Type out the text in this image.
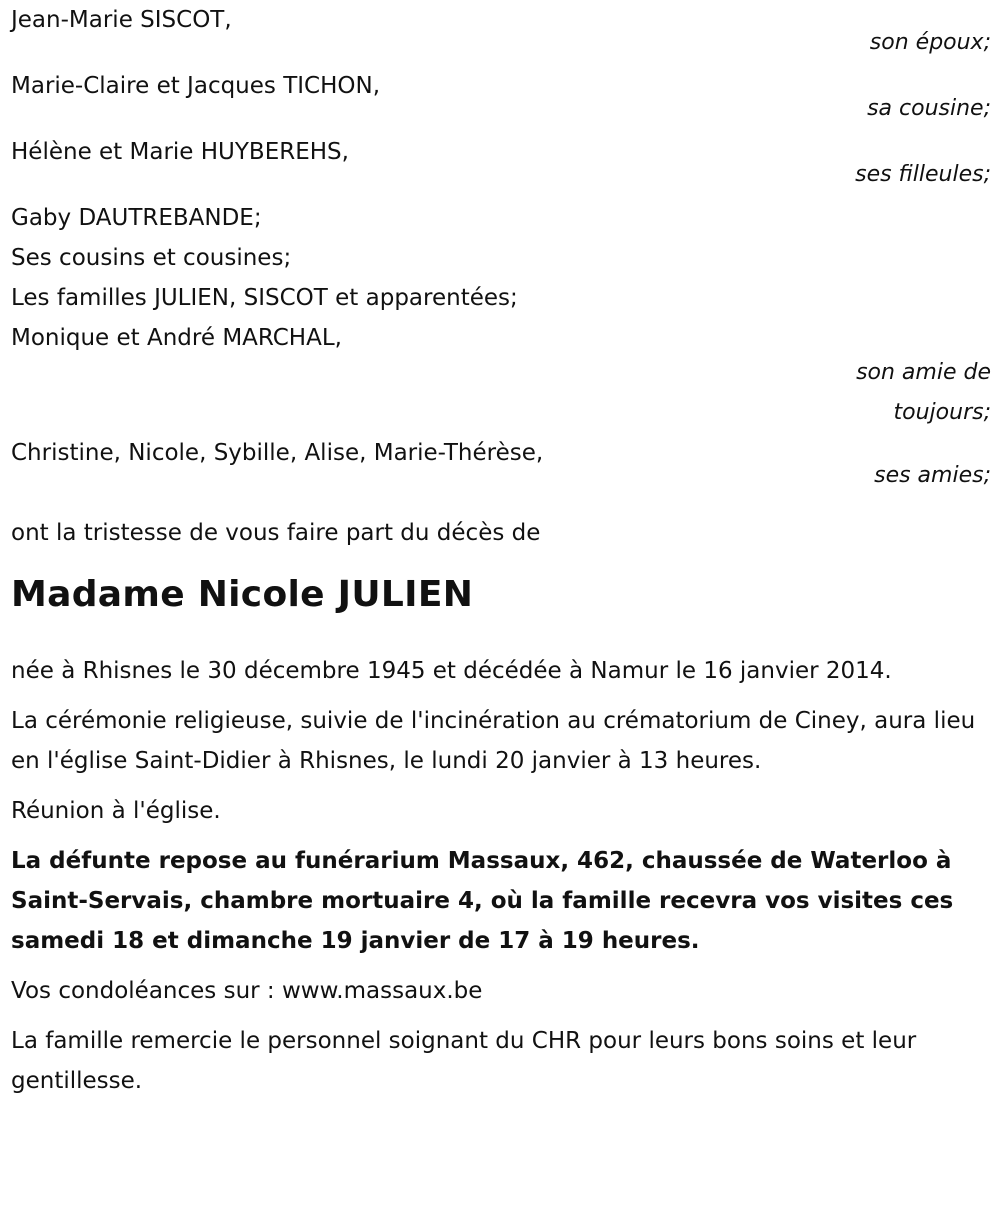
Jean-Marie SISCOT,
son époux;
Marie-Claire et Jacques TICHON,
sa cousine;
Hélène et Marie HUYBEREHS,
ses filleules;
Gaby DAUTREBANDE;
Ses cousins et cousines;
Les familles JULIEN, SISCOT et apparentées;
Monique et André MARCHAL,
son amie de
toujours;
Christine, Nicole, Sybille, Alise, Marie-Thérèse,
ses amies;
ont la tristesse de vous faire part du décès de
Madame Nicole JULIEN
née à Rhisnes le 30 décembre 1945 et décédée à Namur le 16 janvier 2014.
La cérémonie religieuse, suivie de l'incinération au crématorium de Ciney, aura lieu en l'église Saint-Didier à Rhisnes, le lundi 20 janvier à 13 heures.
Réunion à l'église.
La défunte repose au funérarium Massaux, 462, chaussée de Waterloo à Saint-Servais, chambre mortuaire 4, où la famille recevra vos visites ces samedi 18 et dimanche 19 janvier de 17 à 19 heures.
Vos condoléances sur : www.massaux.be
La famille remercie le personnel soignant du CHR pour leurs bons soins et leur gentillesse.
